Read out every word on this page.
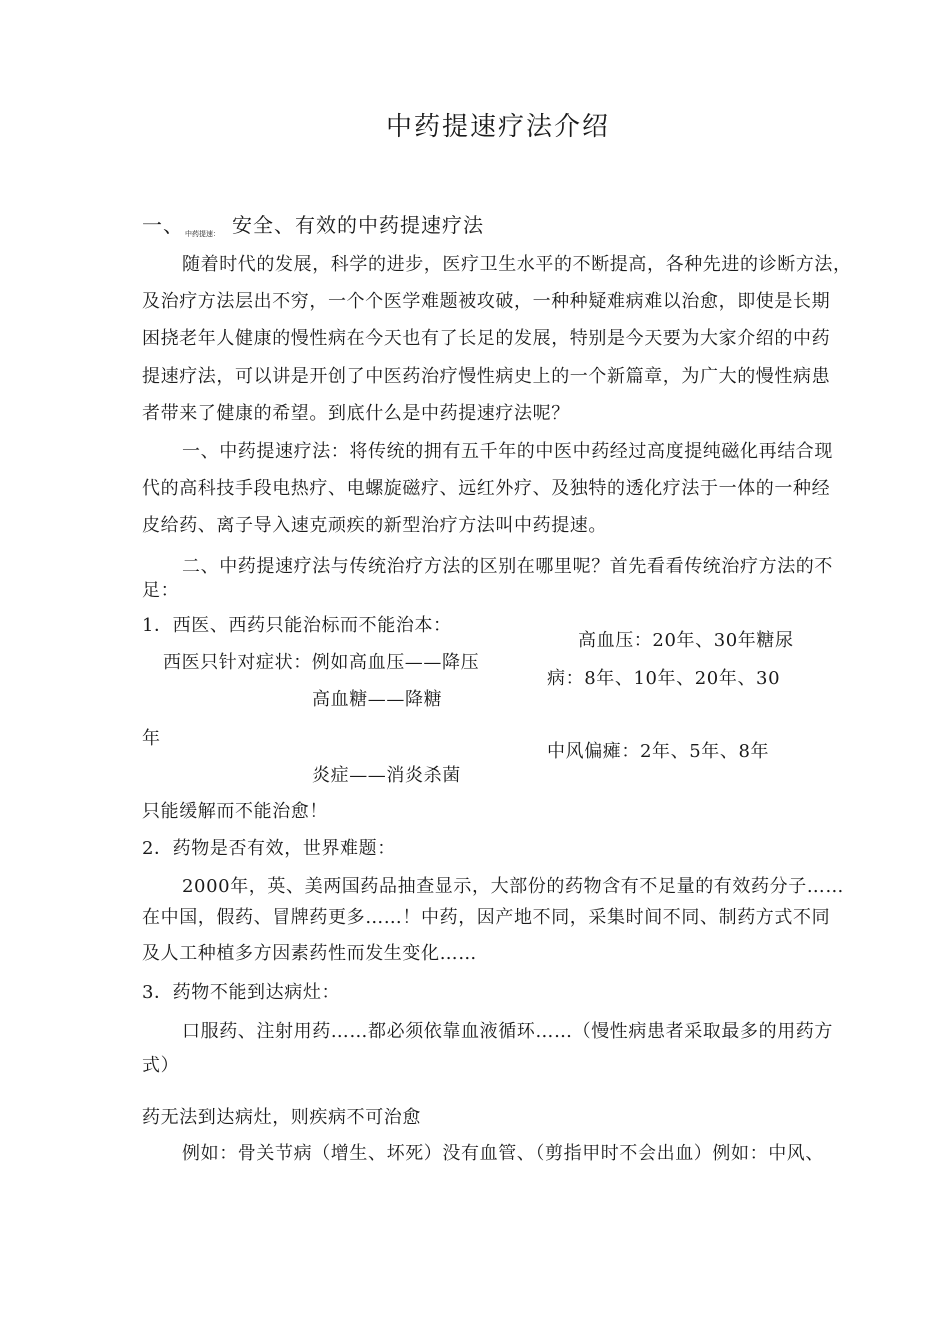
中药提速疗法介绍
一、 中药提速： 安全、有效的中药提速疗法
随着时代的发展，科学的进步，医疗卫生水平的不断提高，各种先进的诊断方法，
及治疗方法层出不穷，一个个医学难题被攻破，一种种疑难病难以治愈，即使是长期
困挠老年人健康的慢性病在今天也有了长足的发展，特别是今天要为大家介绍的中药
提速疗法，可以讲是开创了中医药治疗慢性病史上的一个新篇章，为广大的慢性病患
者带来了健康的希望。到底什么是中药提速疗法呢？
一、中药提速疗法：将传统的拥有五千年的中医中药经过高度提纯磁化再结合现
代的高科技手段电热疗、电螺旋磁疗、远红外疗、及独特的透化疗法于一体的一种经
皮给药、离子导入速克顽疾的新型治疗方法叫中药提速。
二、中药提速疗法与传统治疗方法的区别在哪里呢？首先看看传统治疗方法的不
足：
1．西医、西药只能治标而不能治本：
西医只针对症状：例如高血压——降压
高血糖——降糖
年
炎症——消炎杀菌
高血压：20年、30年糖尿
病：8年、10年、20年、30
中风偏瘫：2年、5年、8年
只能缓解而不能治愈！
2．药物是否有效，世界难题：
2000年，英、美两国药品抽查显示，大部份的药物含有不足量的有效药分子……
在中国，假药、冒牌药更多……！中药，因产地不同，采集时间不同、制药方式不同
及人工种植多方因素药性而发生变化……
3．药物不能到达病灶：
口服药、注射用药……都必须依靠血液循环……（慢性病患者采取最多的用药方
式）
药无法到达病灶，则疾病不可治愈
例如：骨关节病（增生、坏死）没有血管、（剪指甲时不会出血）例如：中风、
